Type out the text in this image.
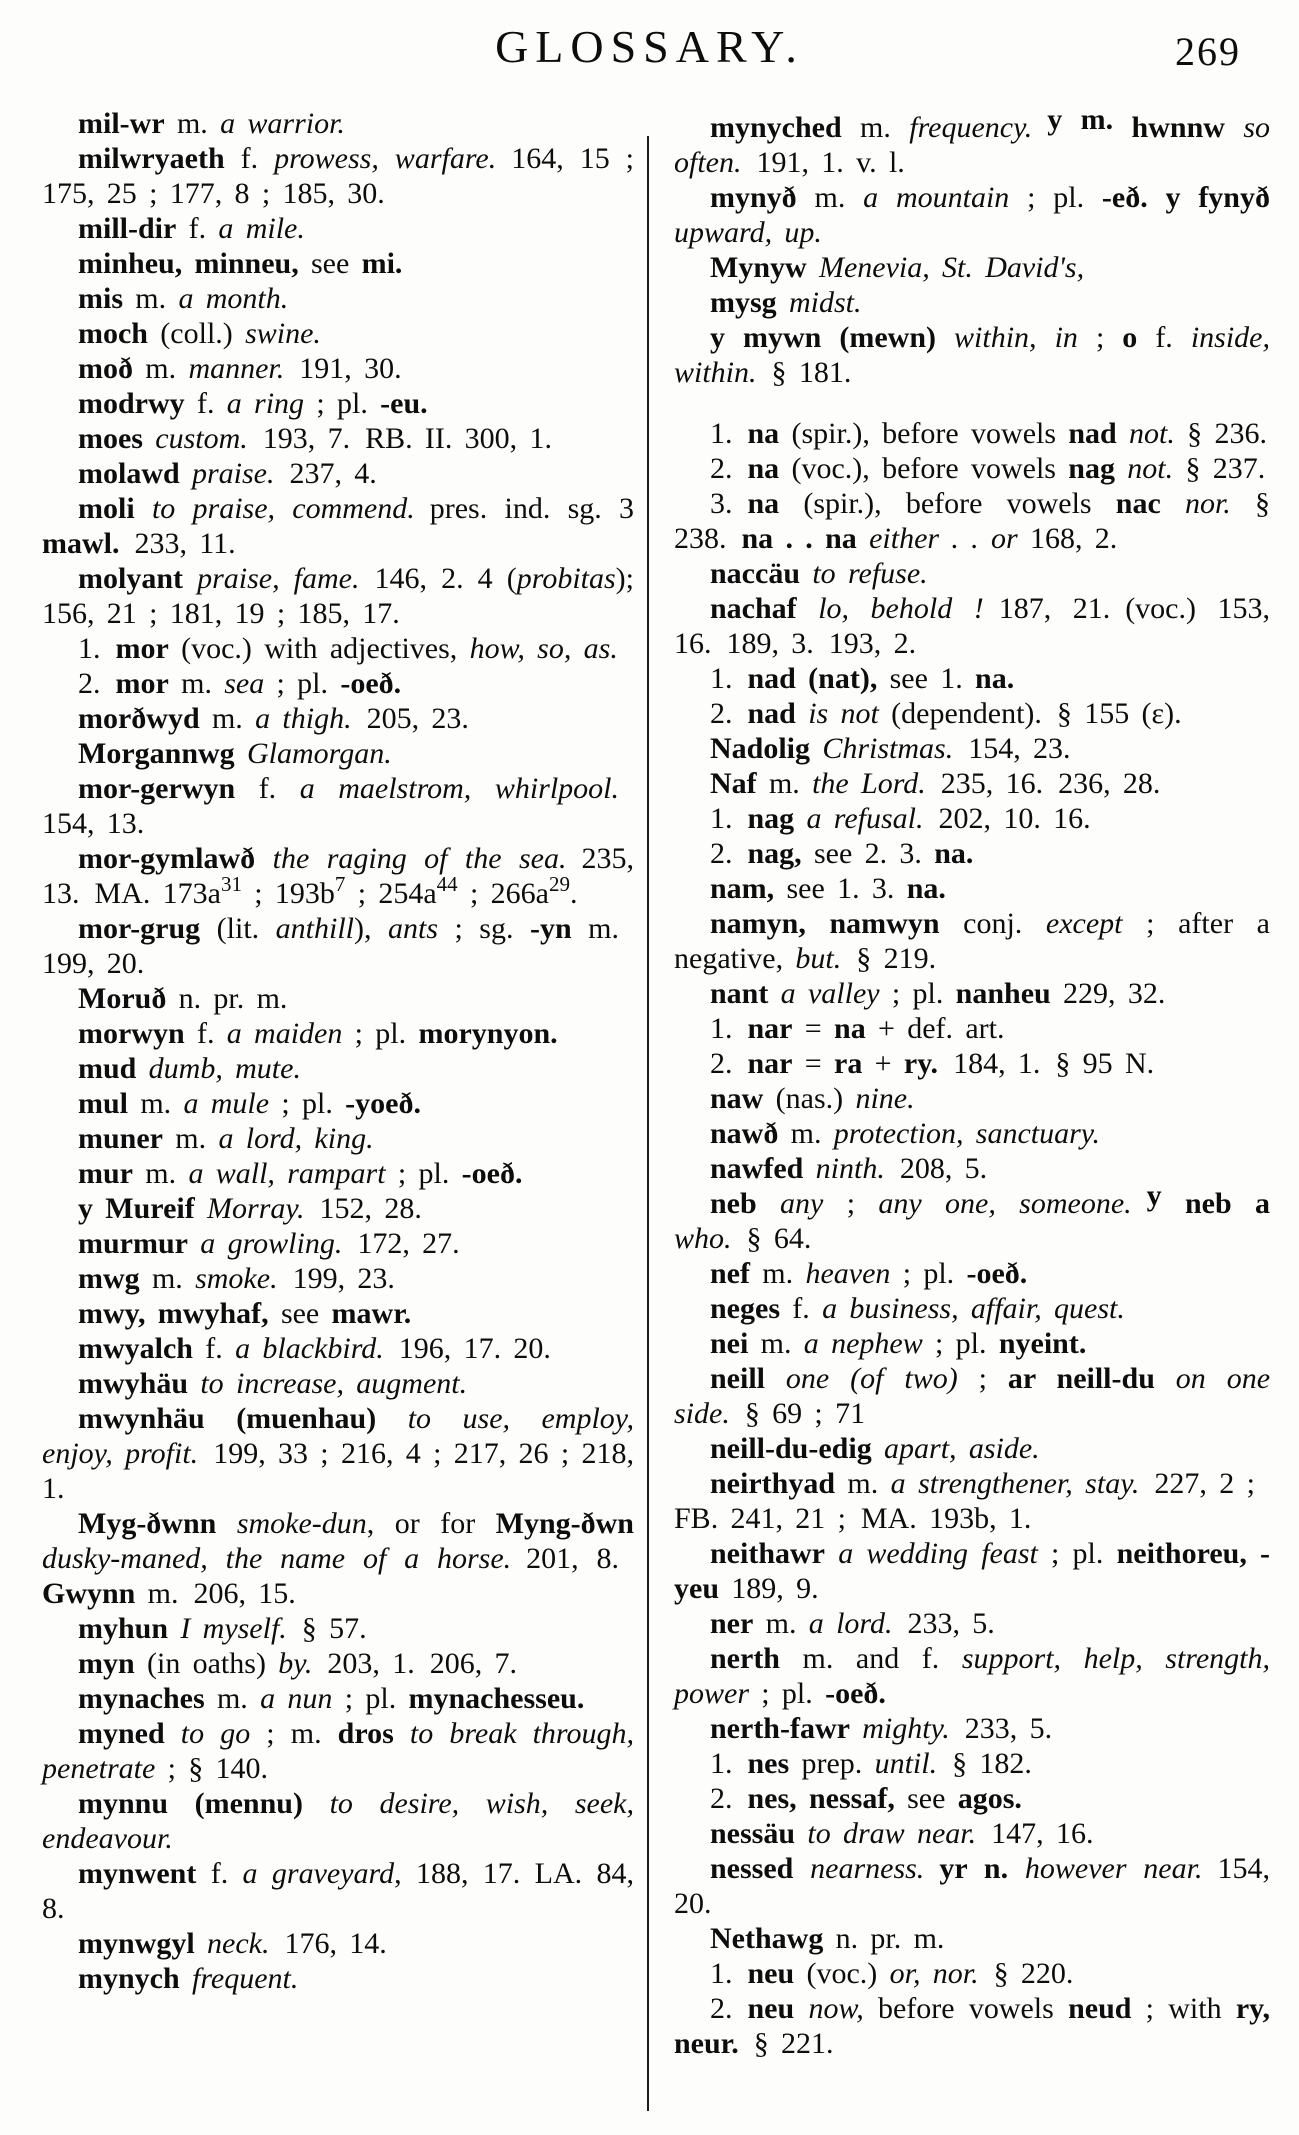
GLOSSARY.	269

mil-wr m. a warrior.

milwryaeth f. prowess, warfare. 164, 15 ; 175, 25 ; 177, 8 ; 185, 30.

mill-dir f. a mile.

minheu, minneu, see mi.

mis m. a month.

moch (coll.) swine.

moð m. manner. 191, 30.

modrwy f. a ring ; pl. -eu.

moes custom. 193, 7. RB. II. 300, 1.

molawd praise. 237, 4.

moli to praise, commend. pres. ind. sg. 3 mawl. 233, 11.

molyant praise, fame. 146, 2. 4 (probitas); 156, 21 ; 181, 19 ; 185, 17.

1. mor (voc.) with adjectives, how, so, as.

2. mor m. sea ; pl. -oeð.

morðwyd m. a thigh. 205, 23.

Morgannwg Glamorgan.

mor-gerwyn f. a maelstrom, whirlpool. 154, 13.

mor-gymlawð the raging of the sea. 235, 13. MA. $173a^{31}$ ; $193b^7$ ; $254a^{44}$ ; $266a^{29}$.

mor-grug (lit. anthill), ants ; sg. -yn m. 199, 20.

Moruð n. pr. m.

morwyn f. a maiden ; pl. morynyon.

mud dumb, mute.

mul m. a mule ; pl. -yoeð.

muner m. a lord, king.

mur m. a wall, rampart ; pl. -oeð.

y Mureif Morray. 152, 28.

murmur a growling. 172, 27.

mwg m. smoke. 199, 23.

mwy, mwyhaf, see mawr.

mwyalch f. a blackbird. 196, 17. 20.

mwyhäu to increase, augment.

mwynhäu (muenhau) to use, employ, enjoy, profit. 199, 33 ; 216, 4 ; 217, 26 ; 218, 1.

Myg-ðwnn smoke-dun, or for Myng-ðwn dusky-maned, the name of a horse. 201, 8. Gwynn m. 206, 15.

myhun I myself. § 57.

myn (in oaths) by. 203, 1. 206, 7.

mynaches m. a nun ; pl. mynachesseu.

myned to go ; m. dros to break through, penetrate ; § 140.

mynnu (mennu) to desire, wish, seek, endeavour.

mynwent f. a graveyard, 188, 17. LA. 84, 8.

mynwgyl neck. 176, 14.

mynych frequent.

mynyched m. frequency.  y m. hwnnw so often. 191, 1. v. l.

mynyð m. a mountain ; pl. -eð. y fynyð upward, up.

Mynyw Menevia, St. David's,

mysg midst.

y mywn (mewn) within, in ; o f. inside, within. § 181.

1. na (spir.), before vowels nad not. § 236.

2. na (voc.), before vowels nag not. § 237.

3. na (spir.), before vowels nac nor. § 238. na . . na either . . or 168, 2.

naccäu to refuse.

nachaf lo, behold ! 187, 21. (voc.) 153, 16. 189, 3. 193, 2.

1. nad (nat), see 1. na.

2. nad is not (dependent). § 155 (ε).

Nadolig Christmas. 154, 23.

Naf m. the Lord. 235, 16. 236, 28.

1. nag a refusal. 202, 10. 16.

2. nag, see 2. 3. na.

nam, see 1. 3. na.

namyn, namwyn conj. except ; after a negative, but. § 219.

nant a valley ; pl. nanheu 229, 32.

1. nar = na + def. art.

2. nar = ra + ry. 184, 1. § 95 N.

naw (nas.) nine.

nawð m. protection, sanctuary.

nawfed ninth. 208, 5.

neb any ; any one, someone.  y neb a who. § 64.

nef m. heaven ; pl. -oeð.

neges f. a business, affair, quest.

nei m. a nephew ; pl. nyeint.

neill one (of two) ; ar neill-du on one side. § 69 ; 71

neill-du-edig apart, aside.

neirthyad m. a strengthener, stay. 227, 2 ; FB. 241, 21 ; MA. 193b, 1.

neithawr a wedding feast ; pl. neithoreu, -yeu 189, 9.

ner m. a lord. 233, 5.

nerth m. and f. support, help, strength, power ; pl. -oeð.

nerth-fawr mighty. 233, 5.

1. nes prep. until. § 182.

2. nes, nessaf, see agos.

nessäu to draw near. 147, 16.

nessed nearness.  yr n. however near. 154, 20.

Nethawg n. pr. m.

1. neu (voc.) or, nor. § 220.

2. neu now, before vowels neud ; with ry, neur. § 221.
